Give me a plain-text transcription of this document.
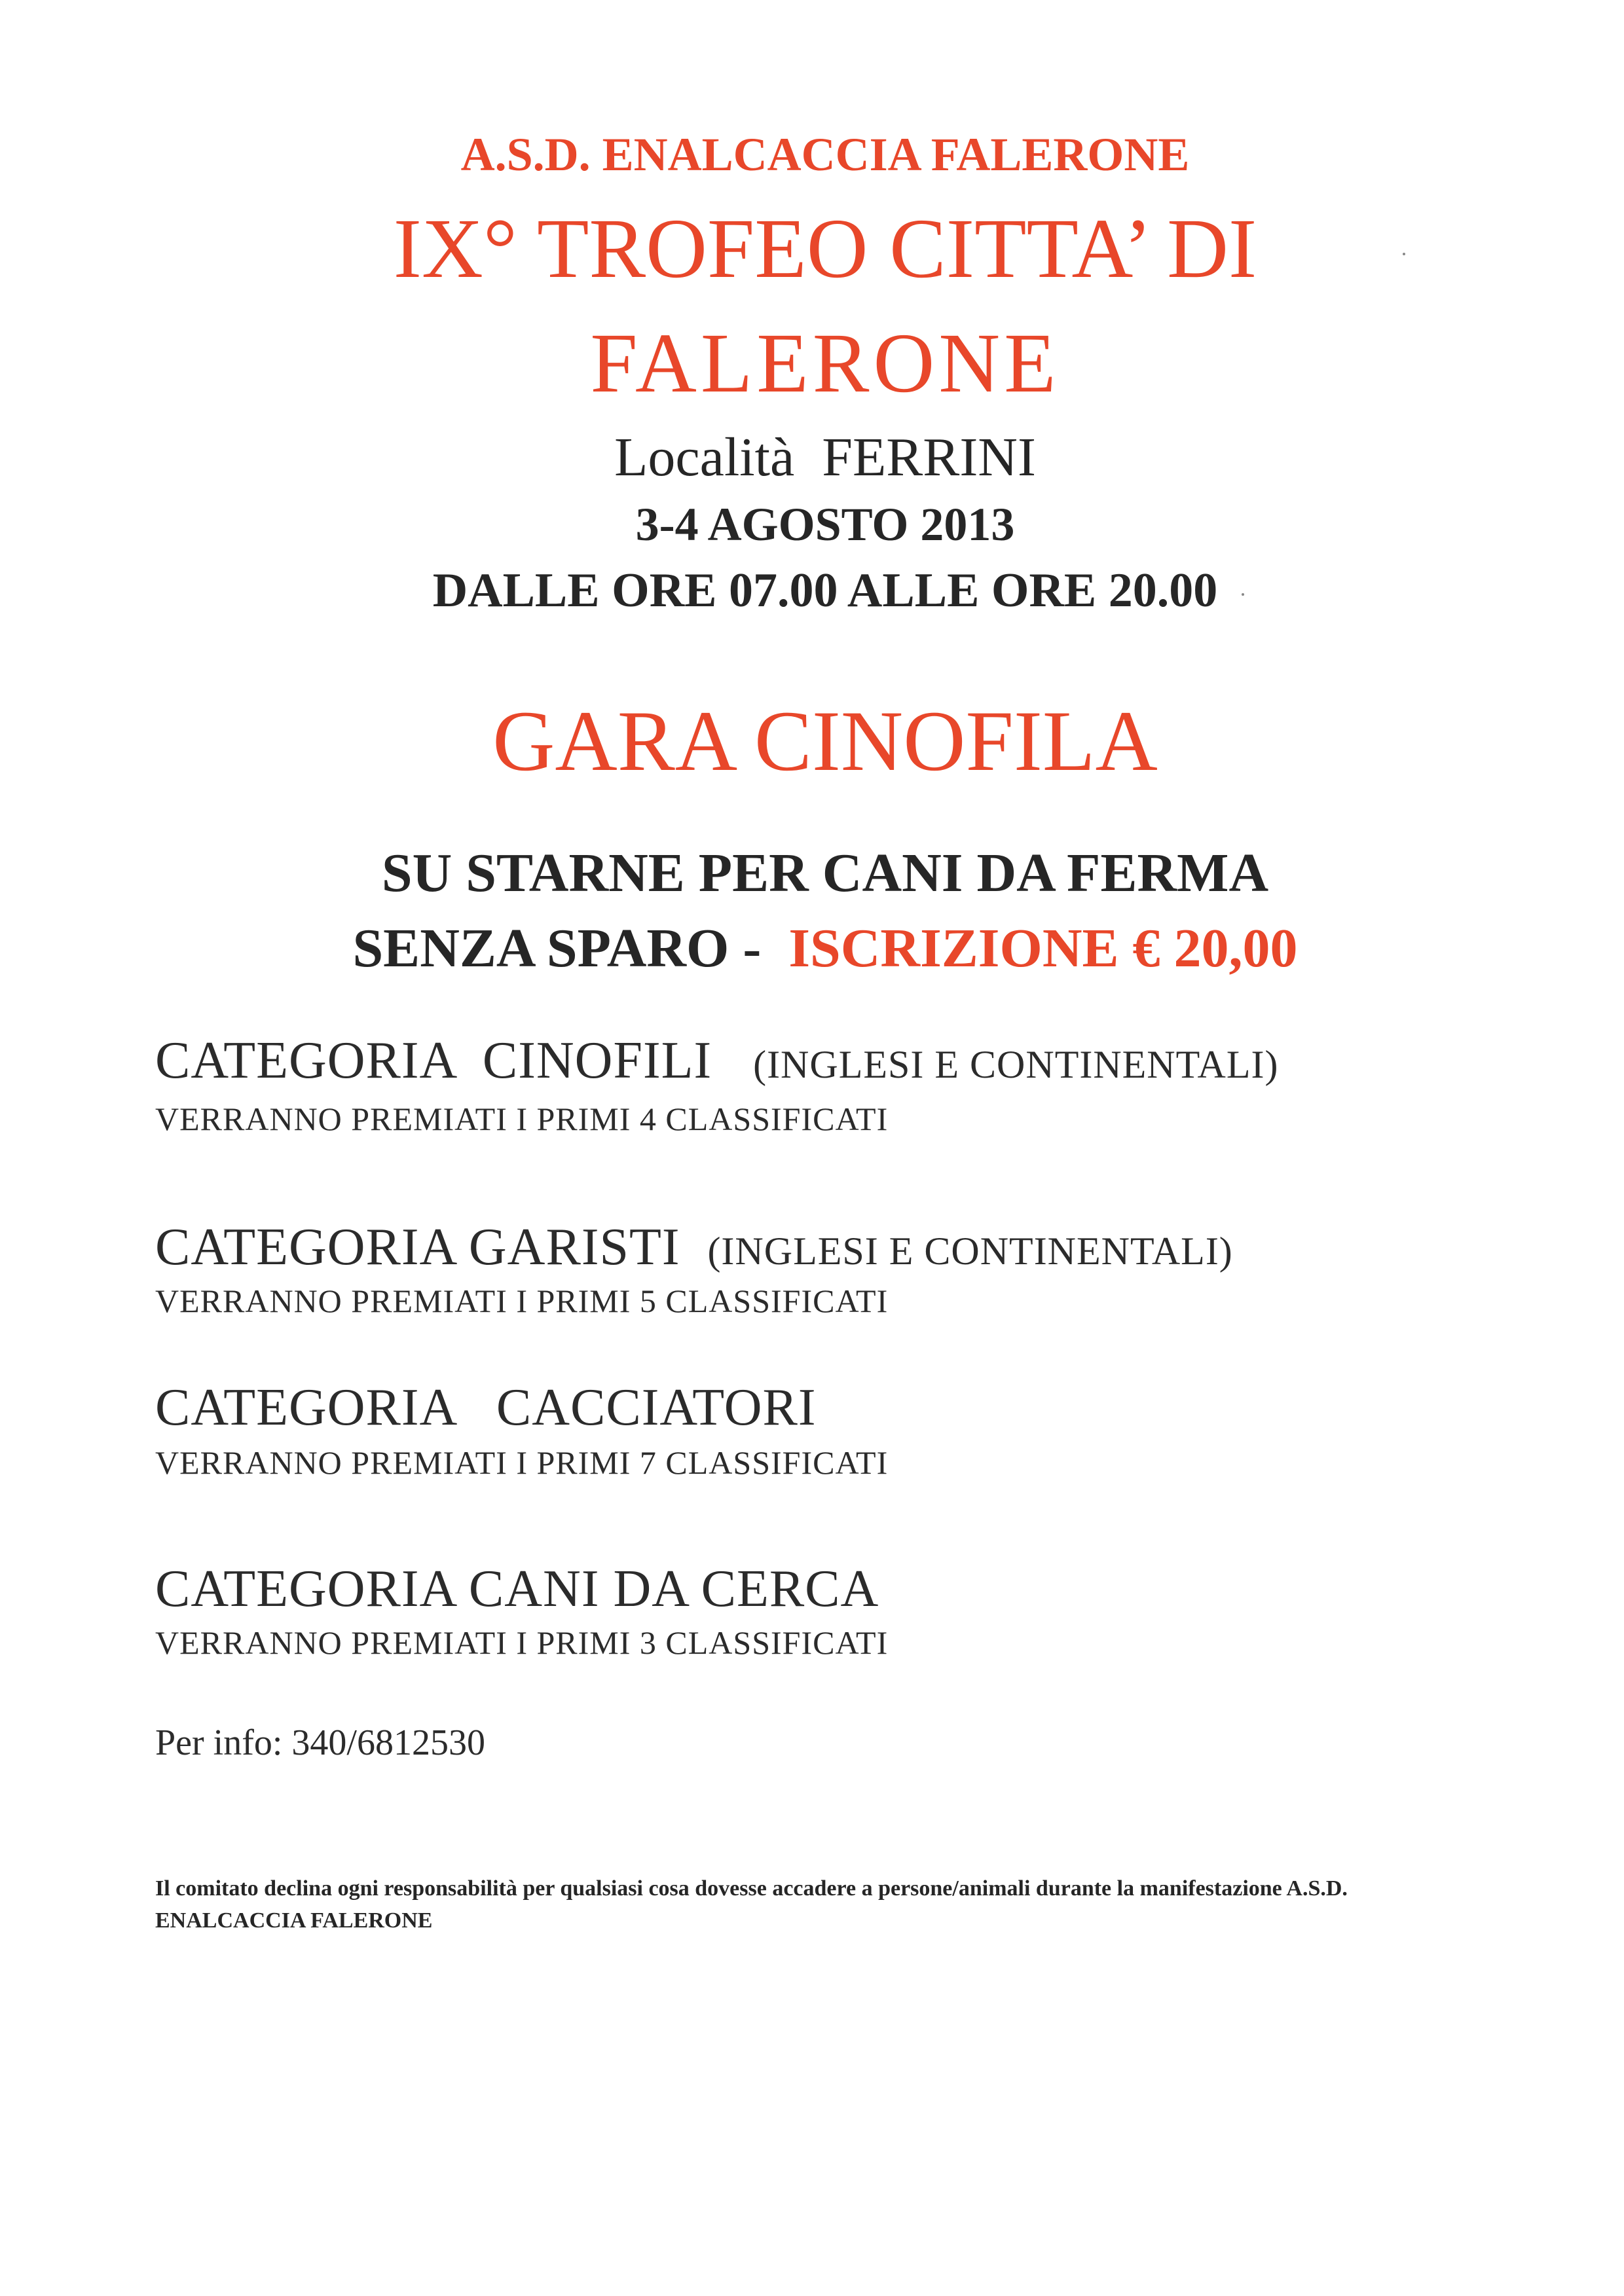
A.S.D. ENALCACCIA FALERONE
IX° TROFEO CITTA’ DI
FALERONE
Località  FERRINI
3-4 AGOSTO 2013
DALLE ORE 07.00 ALLE ORE 20.00
GARA CINOFILA
SU STARNE PER CANI DA FERMA
SENZA SPARO -  ISCRIZIONE € 20,00
CATEGORIA  CINOFILI (INGLESI E CONTINENTALI)
VERRANNO PREMIATI I PRIMI 4 CLASSIFICATI
CATEGORIA GARISTI (INGLESI E CONTINENTALI)
VERRANNO PREMIATI I PRIMI 5 CLASSIFICATI
CATEGORIA   CACCIATORI
VERRANNO PREMIATI I PRIMI 7 CLASSIFICATI
CATEGORIA CANI DA CERCA
VERRANNO PREMIATI I PRIMI 3 CLASSIFICATI
Per info: 340/6812530

Il comitato declina ogni responsabilità per qualsiasi cosa dovesse accadere a persone/animali durante la manifestazione A.S.D. ENALCACCIA FALERONE
